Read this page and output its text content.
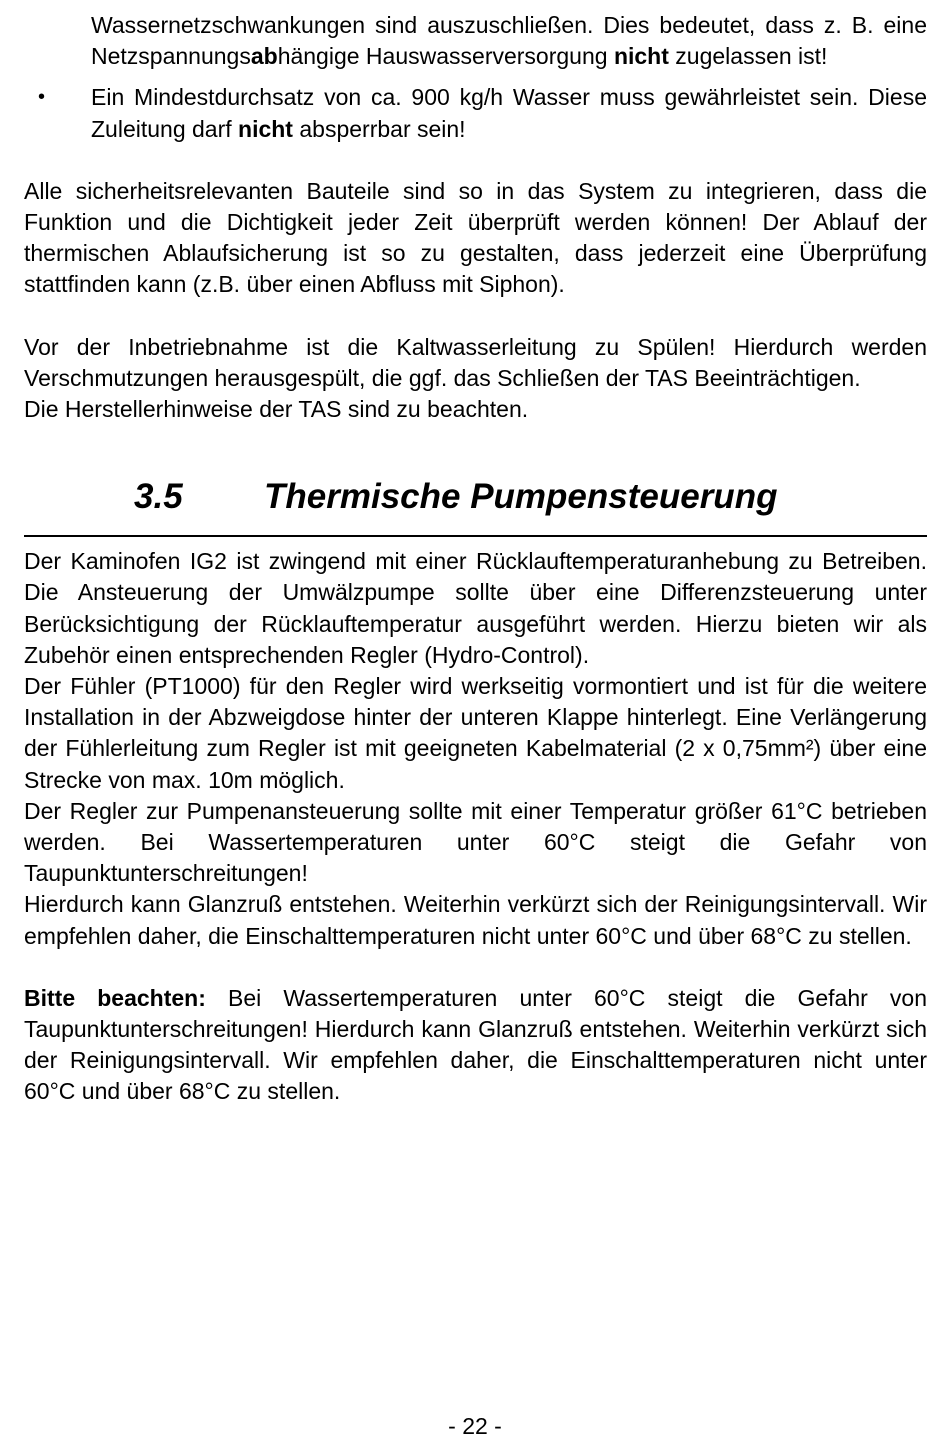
Wassernetzschwankungen sind auszuschließen. Dies bedeutet, dass z. B. eine Netzspannungsabhängige Hauswasserversorgung nicht zugelassen ist!

• Ein Mindestdurchsatz von ca. 900 kg/h Wasser muss gewährleistet sein. Diese Zuleitung darf nicht absperrbar sein!

Alle sicherheitsrelevanten Bauteile sind so in das System zu integrieren, dass die Funktion und die Dichtigkeit jeder Zeit überprüft werden können! Der Ablauf der thermischen Ablaufsicherung ist so zu gestalten, dass jederzeit eine Überprüfung stattfinden kann (z.B. über einen Abfluss mit Siphon).

Vor der Inbetriebnahme ist die Kaltwasserleitung zu Spülen! Hierdurch werden Verschmutzungen herausgespült, die ggf. das Schließen der TAS Beeinträchtigen.

Die Herstellerhinweise der TAS sind zu beachten.

3.5 Thermische Pumpensteuerung

Der Kaminofen IG2 ist zwingend mit einer Rücklauftemperaturanhebung zu Betreiben. Die Ansteuerung der Umwälzpumpe sollte über eine Differenzsteuerung unter Berücksichtigung der Rücklauftemperatur ausgeführt werden. Hierzu bieten wir als Zubehör einen entsprechenden Regler (Hydro-Control).

Der Fühler (PT1000) für den Regler wird werkseitig vormontiert und ist für die weitere Installation in der Abzweigdose hinter der unteren Klappe hinterlegt. Eine Verlängerung der Fühlerleitung zum Regler ist mit geeigneten Kabelmaterial (2 x 0,75mm²) über eine Strecke von max. 10m möglich.

Der Regler zur Pumpenansteuerung sollte mit einer Temperatur größer 61°C betrieben werden. Bei Wassertemperaturen unter 60°C steigt die Gefahr von Taupunktunterschreitungen!

Hierdurch kann Glanzruß entstehen. Weiterhin verkürzt sich der Reinigungsintervall. Wir empfehlen daher, die Einschalttemperaturen nicht unter 60°C und über 68°C zu stellen.

Bitte beachten: Bei Wassertemperaturen unter 60°C steigt die Gefahr von Taupunktunterschreitungen! Hierdurch kann Glanzruß entstehen. Weiterhin verkürzt sich der Reinigungsintervall. Wir empfehlen daher, die Einschalttemperaturen nicht unter 60°C und über 68°C zu stellen.

- 22 -
